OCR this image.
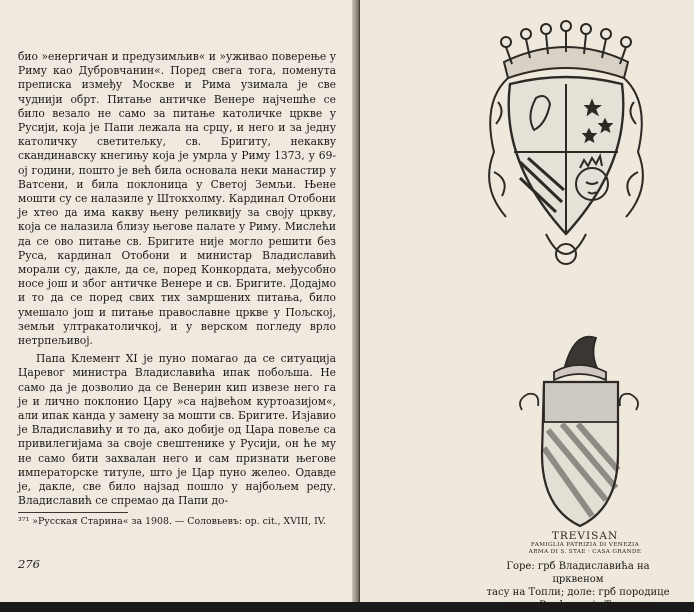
био »енергичан и предузимљив« и »уживао поверење у Риму као Дубровчанин«. Поред свега тога, поменута преписка између Москве и Рима узимала је све чуднији обрт. Питање античке Венере најчешће се било везало не само за питање католичке цркве у Русији, која је Папи лежала на срцу, и него и за једну католичку светитељку, св. Бригиту, некакву скандинавску кнегињу која је умрла у Риму 1373, у 69-ој години, пошто је већ била основала неки манастир у Ватсени, и била поклоница у Светој Земљи. Њене мошти су се налазиле у Штокхолму. Кардинал Отобони је хтео да има какву њену реликвију за своју цркву, која се налазила близу његове палате у Риму. Мислећи да се ово питање св. Бригите није могло решити без Руса, кардинал Отобони и министар Владиславић морали су, дакле, да се, поред Конкордата, међусобно носе још и због античке Венере и св. Бригите. Додајмо и то да се поред свих тих замршених питања, било умешало још и питање православне цркве у Пољској, земљи ултракатоличкој, и у верском погледу врло нетрпељивој.

Папа Клемент XI је пуно помагао да се ситуација Царевог министра Владиславића ипак побољша. Не само да је дозволио да се Венерин кип извезе него га је и лично поклонио Цару »са највећом куртоазијом«, али ипак канда у замену за мошти св. Бригите. Изјавио је Владиславићу и то да, ако добије од Цара повеље са привилегијама за своје свештенике у Русији, он ће му не само бити захвалан него и сам признати његове императорске титуле, што је Цар пуно желео. Одавде је, дакле, све било најзад пошло у најбољем реду. Владиславић се спремао да Папи до-

³⁷¹ »Русская Старина« за 1908. — Соловьевъ: op. cit., XVIII, IV.
276
TREVISAN
FAMIGLIA PATRIZIA DI VENEZIA
ARMA DI S. STAE · CASA GRANDE

Горе: грб Владиславића на црквеном

тасу на Топли; доле: грб породице

дожне Вирђинције Тревизан
